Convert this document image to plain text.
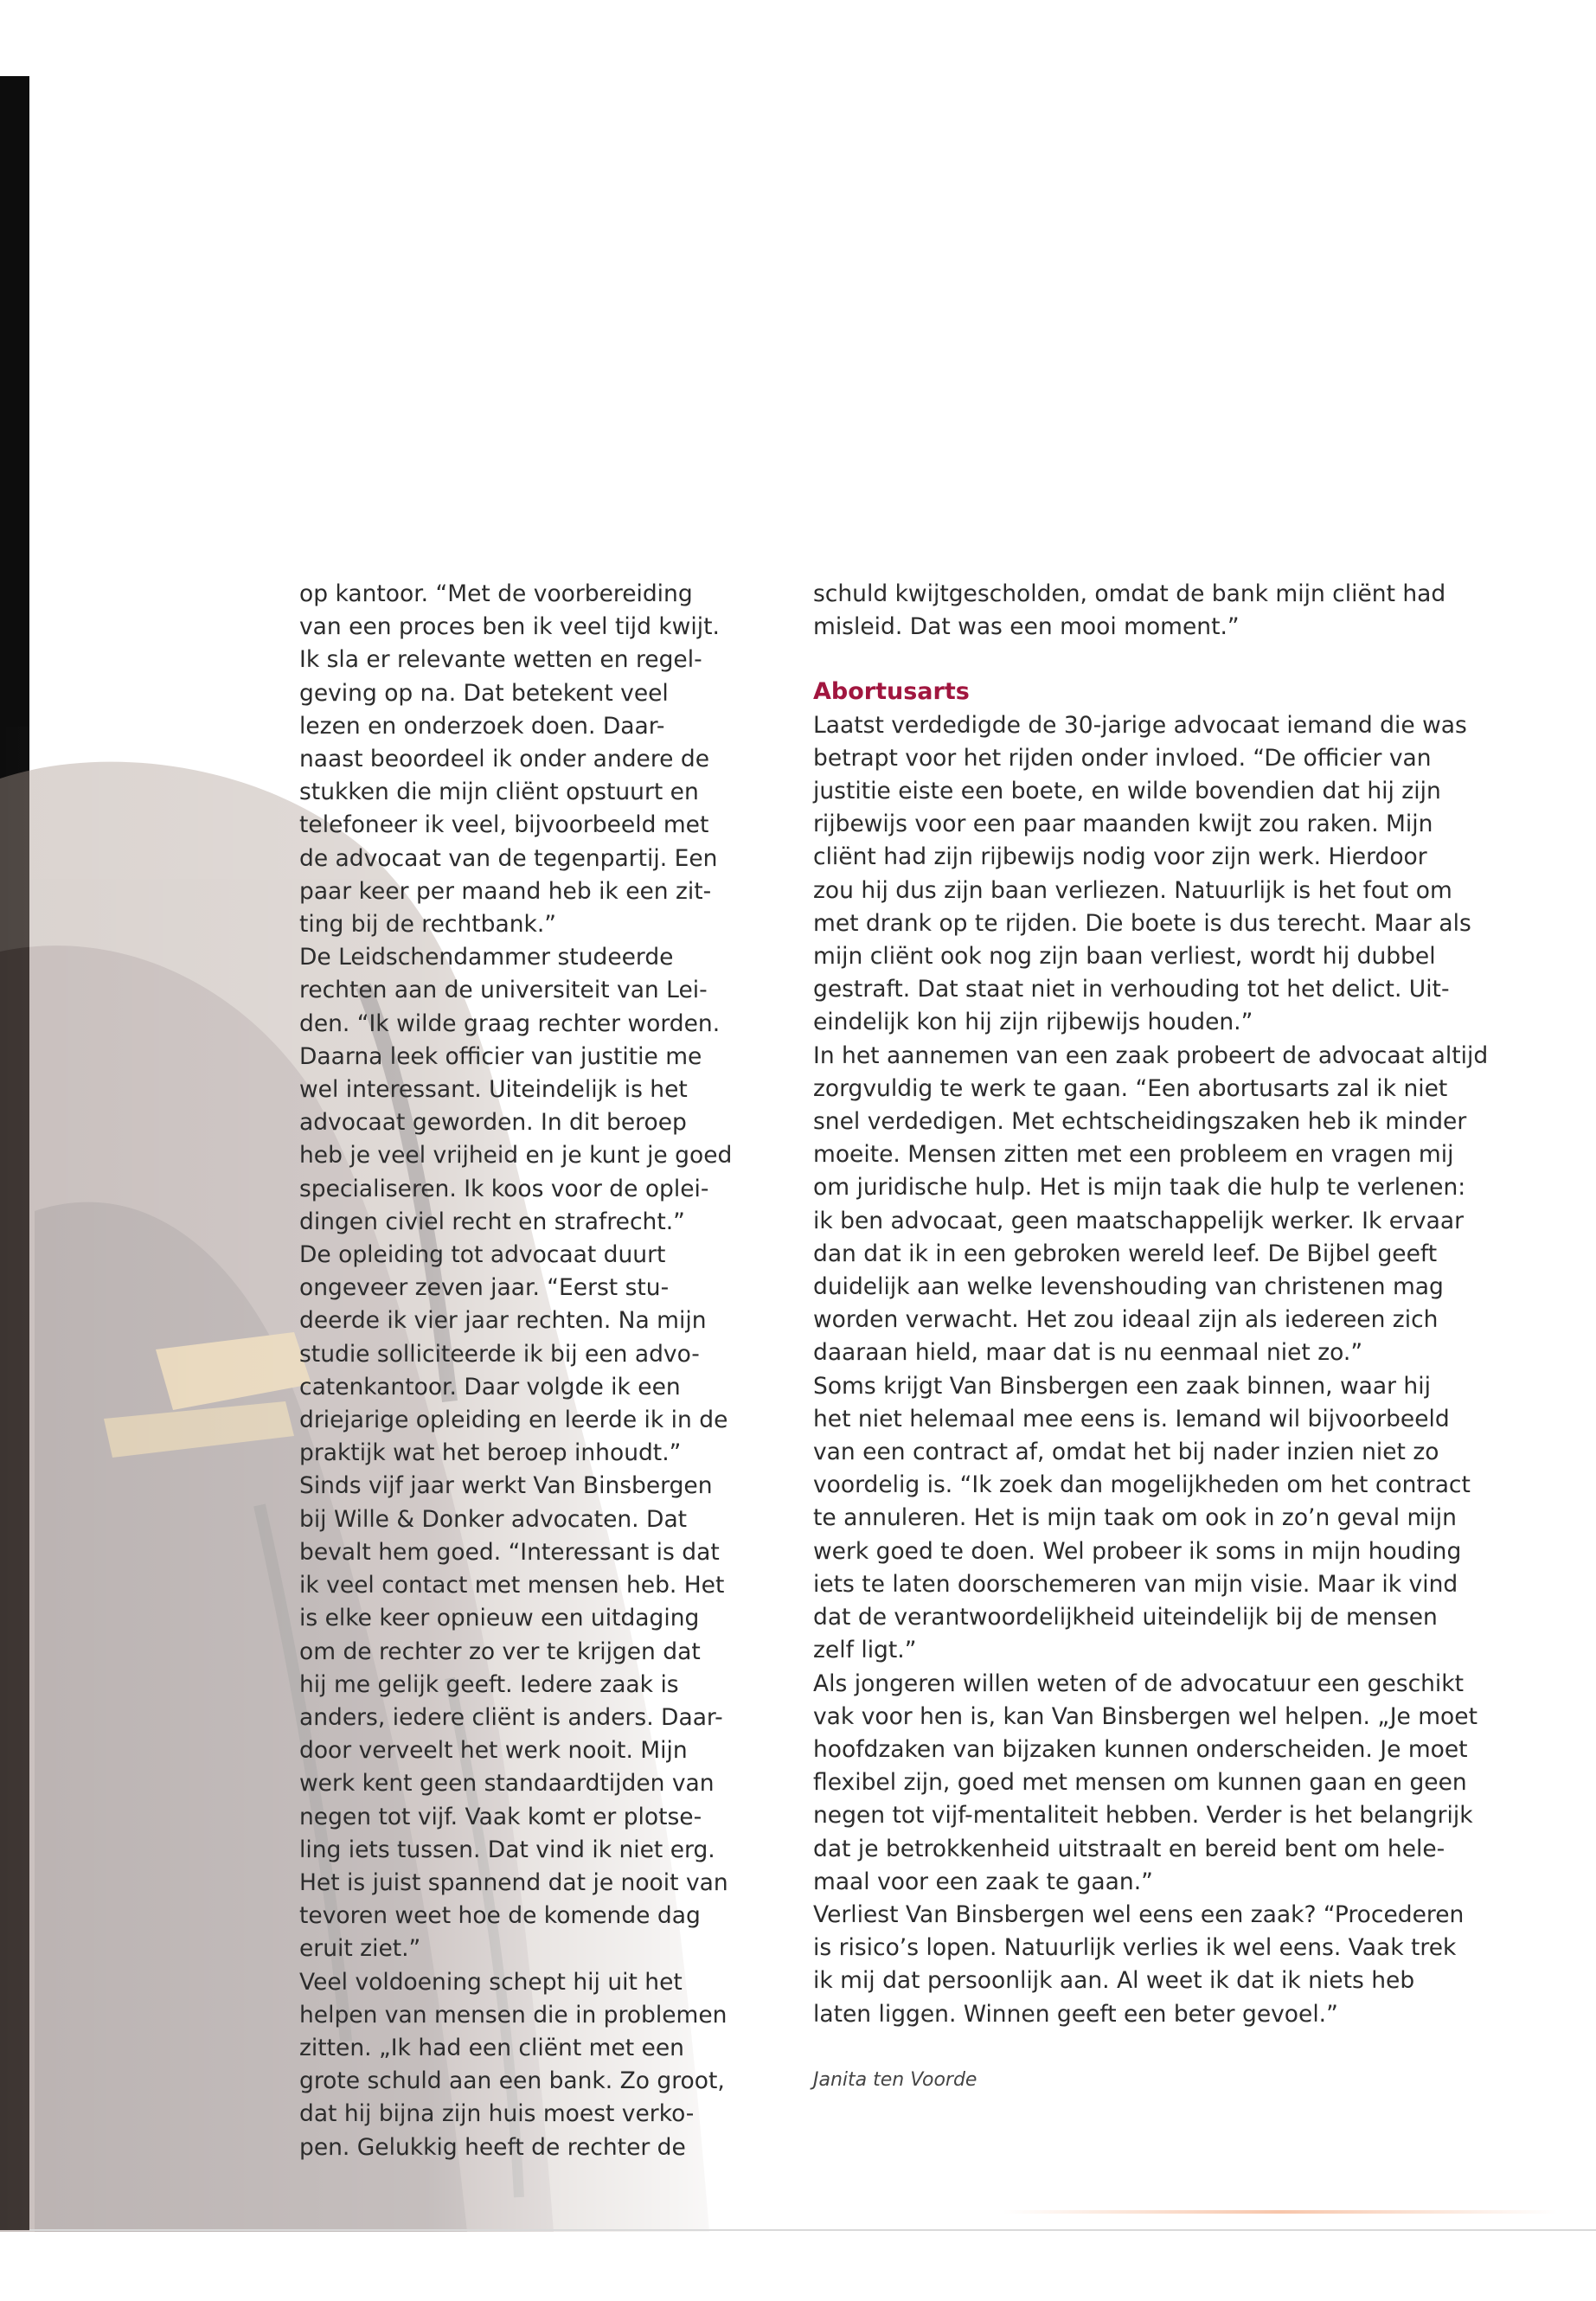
op kantoor. “Met de voorbereiding
van een proces ben ik veel tijd kwijt.
Ik sla er relevante wetten en regel-
geving op na. Dat betekent veel
lezen en onderzoek doen. Daar-
naast beoordeel ik onder andere de
stukken die mijn cliënt opstuurt en
telefoneer ik veel, bijvoorbeeld met
de advocaat van de tegenpartij. Een
paar keer per maand heb ik een zit-
ting bij de rechtbank.”
De Leidschendammer studeerde
rechten aan de universiteit van Lei-
den. “Ik wilde graag rechter worden.
Daarna leek officier van justitie me
wel interessant. Uiteindelijk is het
advocaat geworden. In dit beroep
heb je veel vrijheid en je kunt je goed
specialiseren. Ik koos voor de oplei-
dingen civiel recht en strafrecht.”
De opleiding tot advocaat duurt
ongeveer zeven jaar. “Eerst stu-
deerde ik vier jaar rechten. Na mijn
studie solliciteerde ik bij een advo-
catenkantoor. Daar volgde ik een
driejarige opleiding en leerde ik in de
praktijk wat het beroep inhoudt.”
Sinds vijf jaar werkt Van Binsbergen
bij Wille & Donker advocaten. Dat
bevalt hem goed. “Interessant is dat
ik veel contact met mensen heb. Het
is elke keer opnieuw een uitdaging
om de rechter zo ver te krijgen dat
hij me gelijk geeft. Iedere zaak is
anders, iedere cliënt is anders. Daar-
door verveelt het werk nooit. Mijn
werk kent geen standaardtijden van
negen tot vijf. Vaak komt er plotse-
ling iets tussen. Dat vind ik niet erg.
Het is juist spannend dat je nooit van
tevoren weet hoe de komende dag
eruit ziet.”
Veel voldoening schept hij uit het
helpen van mensen die in problemen
zitten. „Ik had een cliënt met een
grote schuld aan een bank. Zo groot,
dat hij bijna zijn huis moest verko-
pen. Gelukkig heeft de rechter de
schuld kwijtgescholden, omdat de bank mijn cliënt had
misleid. Dat was een mooi moment.”
Abortusarts
Laatst verdedigde de 30-jarige advocaat iemand die was
betrapt voor het rijden onder invloed. “De officier van
justitie eiste een boete, en wilde bovendien dat hij zijn
rijbewijs voor een paar maanden kwijt zou raken. Mijn
cliënt had zijn rijbewijs nodig voor zijn werk. Hierdoor
zou hij dus zijn baan verliezen. Natuurlijk is het fout om
met drank op te rijden. Die boete is dus terecht. Maar als
mijn cliënt ook nog zijn baan verliest, wordt hij dubbel
gestraft. Dat staat niet in verhouding tot het delict. Uit-
eindelijk kon hij zijn rijbewijs houden.”
In het aannemen van een zaak probeert de advocaat altijd
zorgvuldig te werk te gaan. “Een abortusarts zal ik niet
snel verdedigen. Met echtscheidingszaken heb ik minder
moeite. Mensen zitten met een probleem en vragen mij
om juridische hulp. Het is mijn taak die hulp te verlenen:
ik ben advocaat, geen maatschappelijk werker. Ik ervaar
dan dat ik in een gebroken wereld leef. De Bijbel geeft
duidelijk aan welke levenshouding van christenen mag
worden verwacht. Het zou ideaal zijn als iedereen zich
daaraan hield, maar dat is nu eenmaal niet zo.”
Soms krijgt Van Binsbergen een zaak binnen, waar hij
het niet helemaal mee eens is. Iemand wil bijvoorbeeld
van een contract af, omdat het bij nader inzien niet zo
voordelig is. “Ik zoek dan mogelijkheden om het contract
te annuleren. Het is mijn taak om ook in zo’n geval mijn
werk goed te doen. Wel probeer ik soms in mijn houding
iets te laten doorschemeren van mijn visie. Maar ik vind
dat de verantwoordelijkheid uiteindelijk bij de mensen
zelf ligt.”
Als jongeren willen weten of de advocatuur een geschikt
vak voor hen is, kan Van Binsbergen wel helpen. „Je moet
hoofdzaken van bijzaken kunnen onderscheiden. Je moet
flexibel zijn, goed met mensen om kunnen gaan en geen
negen tot vijf-mentaliteit hebben. Verder is het belangrijk
dat je betrokkenheid uitstraalt en bereid bent om hele-
maal voor een zaak te gaan.”
Verliest Van Binsbergen wel eens een zaak? “Procederen
is risico’s lopen. Natuurlijk verlies ik wel eens. Vaak trek
ik mij dat persoonlijk aan. Al weet ik dat ik niets heb
laten liggen. Winnen geeft een beter gevoel.”
Janita ten Voorde
